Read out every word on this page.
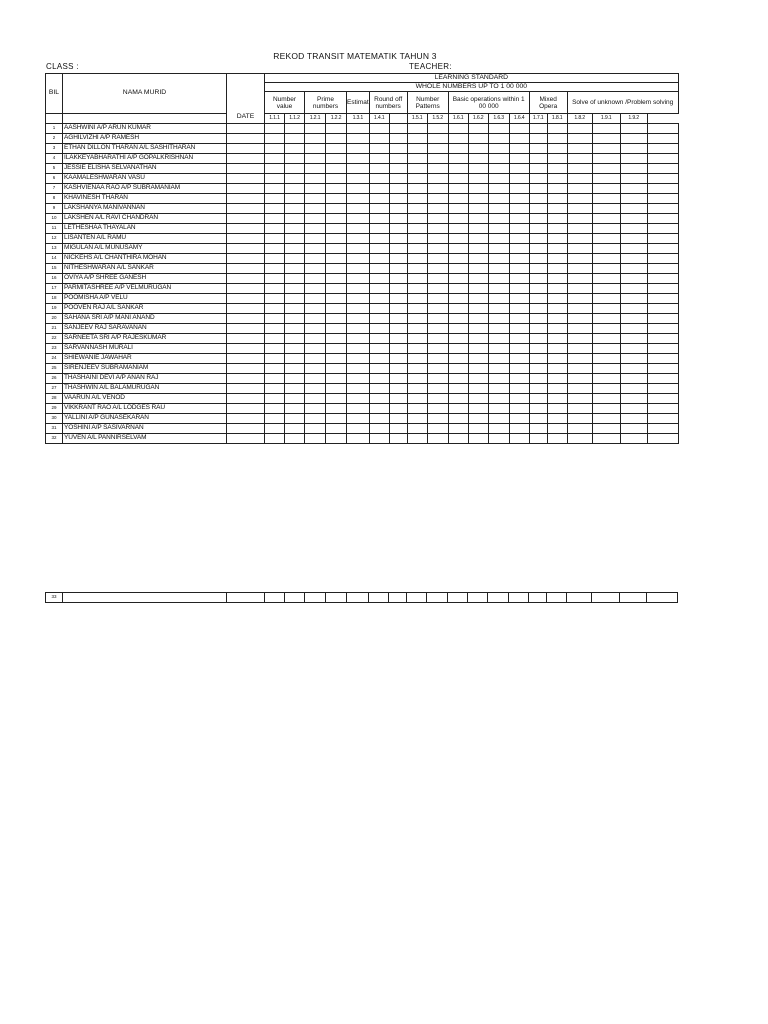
REKOD TRANSIT MATEMATIK TAHUN 3
CLASS :	TEACHER:
BIL	NAMA MURID	DATE	LEARNING STANDARD																		
			WHOLE NUMBERS UP TO 1 00 000																		
			Number value		Prime numbers		Estimat	Round off numbers		Number Patterns		Basic operations within 1 00 000				Mixed Opera		Solve of unknown /Problem solving			
			1.1.1	1.1.2	1.2.1	1.2.2	1.3.1	1.4.1		1.5.1	1.5.2	1.6.1	1.6.2	1.6.3	1.6.4	1.7.1	1.8.1	1.8.2	1.9.1	1.9.2	
1	AASHWINI A/P ARUN KUMAR																				
2	AGHILVIZHI A/P RAMESH																				
3	ETHAN DILLON THARAN A/L SASHITHARAN																				
4	ILAKKEYABHARATHI A/P GOPALKRISHNAN																				
5	JESSIE ELISHA SELVANATHAN																				
6	KAAMALESHWARAN VASU																				
7	KASHVIENAA RAO A/P SUBRAMANIAM																				
8	KHAVINESH THARAN																				
9	LAKSHANYA MANIVANNAN																				
10	LAKSHEN A/L RAVI CHANDRAN																				
11	LETHESHAA THAYALAN																				
12	LISANTEN A/L RAMU																				
13	MIGULAN A/L MUNUSAMY																				
14	NICKEHS A/L CHANTHIRA MOHAN																				
15	NITHESHWARAN A/L SANKAR																				
16	OVIYA A/P SHREE GANESH																				
17	PARMITASHREE A/P VELMURUGAN																				
18	POOMISHA A/P VELU																				
19	POOVEN RAJ A/L SANKAR																				
20	SAHANA SRI A/P MANI ANAND																				
21	SANJEEV RAJ SARAVANAN																				
22	SARNEETA SRI A/P RAJESKUMAR																				
23	SARVANNASH MURALI																				
24	SHIEWANIE JAWAHAR																				
25	SIRENJEEV SUBRAMANIAM																				
26	THASHAINI DEVI A/P ANAN RAJ																				
27	THASHWIN A/L BALAMURUGAN																				
28	VAARUN A/L VENOD																				
29	VIKKRANT RAO A/L LODGES RAU																				
30	YALLINI A/P GUNASEKARAN																				
31	YOSHINI A/P SASIVARNAN																				
32	YUVEN A/L PANNIRSELVAM																				
33																					
